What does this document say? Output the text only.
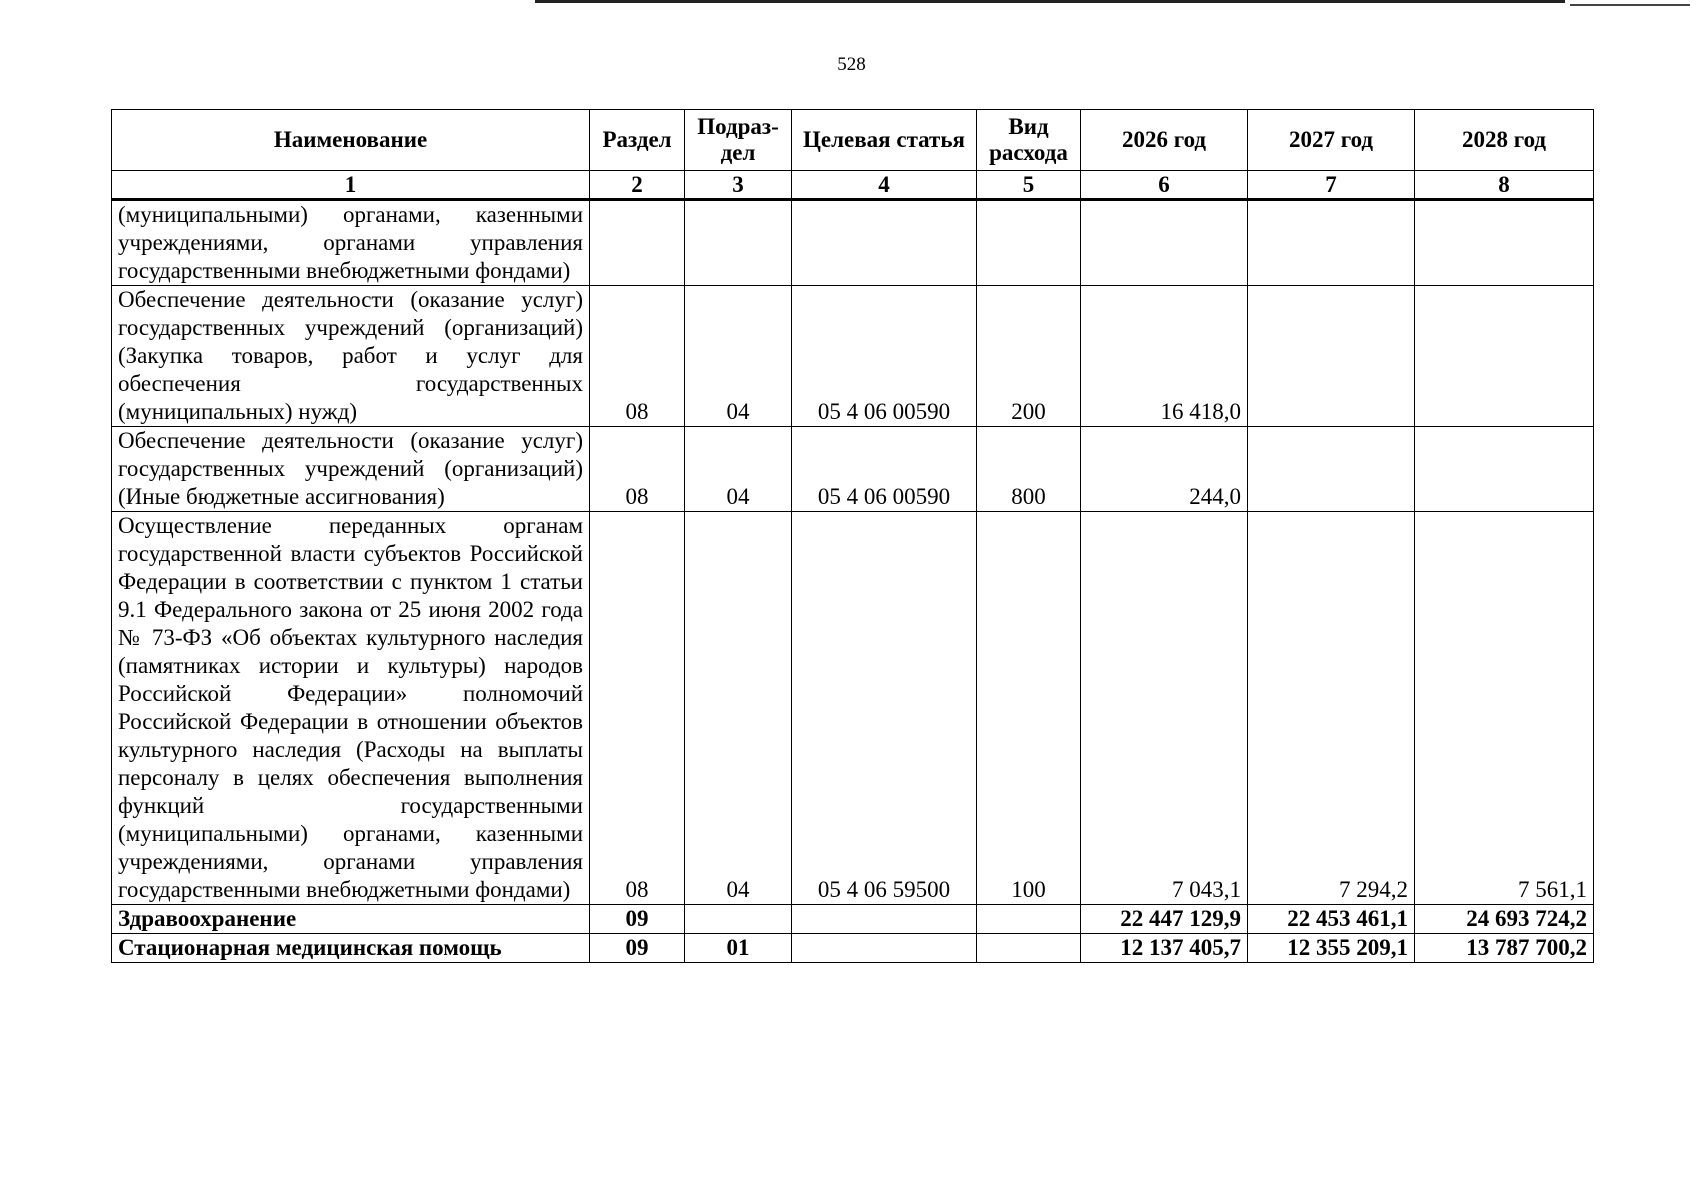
528
Наименование	Раздел	Подраз-дел	Целевая статья	Вид расхода	2026 год	2027 год	2028 год
1	2	3	4	5	6	7	8
(муниципальными) органами, казенными учреждениями, органами управления государственными внебюджетными фондами)							
Обеспечение деятельности (оказание услуг) государственных учреждений (организаций) (Закупка товаров, работ и услуг для обеспечения государственных (муниципальных) нужд)	08	04	05 4 06 00590	200	16 418,0		
Обеспечение деятельности (оказание услуг) государственных учреждений (организаций) (Иные бюджетные ассигнования)	08	04	05 4 06 00590	800	244,0		
Осуществление переданных органам государственной власти субъектов Российской Федерации в соответствии с пунктом 1 статьи 9.1 Федерального закона от 25 июня 2002 года № 73-ФЗ «Об объектах культурного наследия (памятниках истории и культуры) народов Российской Федерации» полномочий Российской Федерации в отношении объектов культурного наследия (Расходы на выплаты персоналу в целях обеспечения выполнения функций государственными (муниципальными) органами, казенными учреждениями, органами управления государственными внебюджетными фондами)	08	04	05 4 06 59500	100	7 043,1	7 294,2	7 561,1
Здравоохранение	09				22 447 129,9	22 453 461,1	24 693 724,2
Стационарная медицинская помощь	09	01			12 137 405,7	12 355 209,1	13 787 700,2
